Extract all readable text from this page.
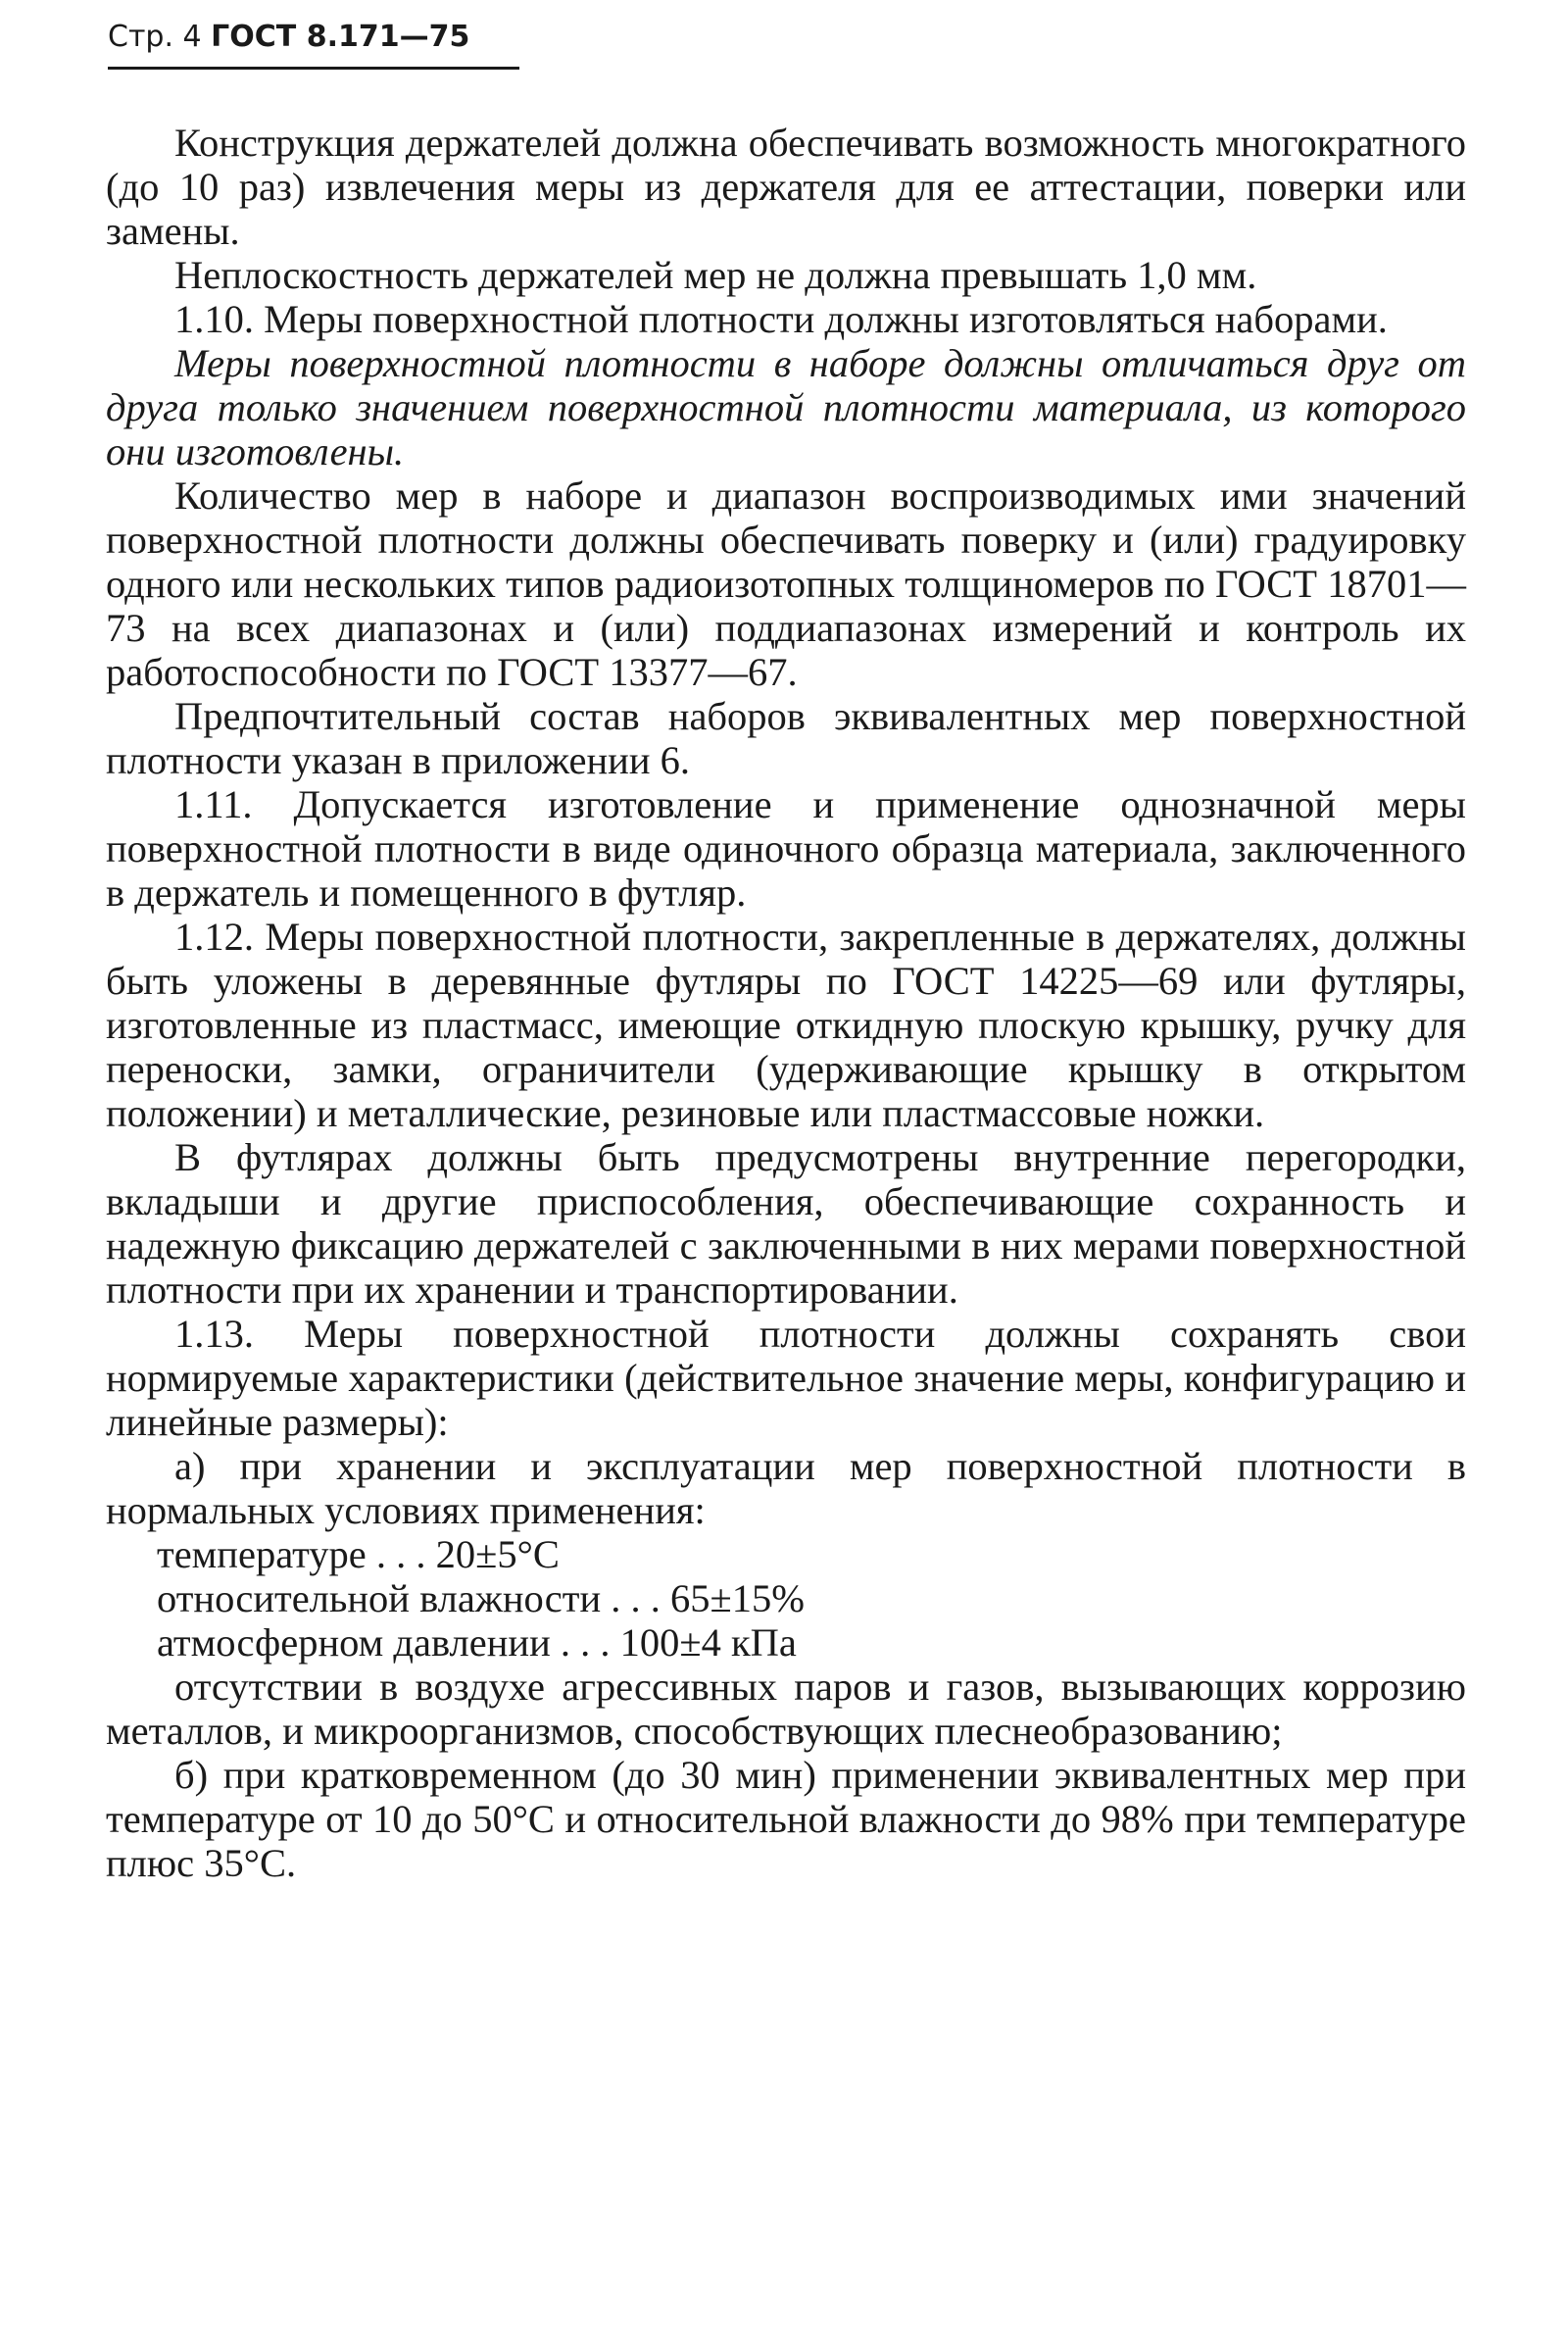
Стр. 4 ГОСТ 8.171—75

Конструкция держателей должна обеспечивать возможность многократного (до 10 раз) извлечения меры из держателя для ее аттестации, поверки или замены.

Неплоскостность держателей мер не должна превышать 1,0 мм.

1.10. Меры поверхностной плотности должны изготовляться наборами.

Меры поверхностной плотности в наборе должны отличаться друг от друга только значением поверхностной плотности материала, из которого они изготовлены.

Количество мер в наборе и диапазон воспроизводимых ими значений поверхностной плотности должны обеспечивать поверку и (или) градуировку одного или нескольких типов радиоизотопных толщиномеров по ГОСТ 18701—73 на всех диапазонах и (или) поддиапазонах измерений и контроль их работоспособности по ГОСТ 13377—67.

Предпочтительный состав наборов эквивалентных мер поверхностной плотности указан в приложении 6.

1.11. Допускается изготовление и применение однозначной меры поверхностной плотности в виде одиночного образца материала, заключенного в держатель и помещенного в футляр.

1.12. Меры поверхностной плотности, закрепленные в держателях, должны быть уложены в деревянные футляры по ГОСТ 14225—69 или футляры, изготовленные из пластмасс, имеющие откидную плоскую крышку, ручку для переноски, замки, ограничители (удерживающие крышку в открытом положении) и металлические, резиновые или пластмассовые ножки.

В футлярах должны быть предусмотрены внутренние перегородки, вкладыши и другие приспособления, обеспечивающие сохранность и надежную фиксацию держателей с заключенными в них мерами поверхностной плотности при их хранении и транспортировании.

1.13. Меры поверхностной плотности должны сохранять свои нормируемые характеристики (действительное значение меры, конфигурацию и линейные размеры):

а) при хранении и эксплуатации мер поверхностной плотности в нормальных условиях применения:

температуре . . . 20±5°С

относительной влажности . . . 65±15%

атмосферном давлении . . . 100±4 кПа

отсутствии в воздухе агрессивных паров и газов, вызывающих коррозию металлов, и микроорганизмов, способствующих плеснеобразованию;

б) при кратковременном (до 30 мин) применении эквивалентных мер при температуре от 10 до 50°С и относительной влажности до 98% при температуре плюс 35°С.
